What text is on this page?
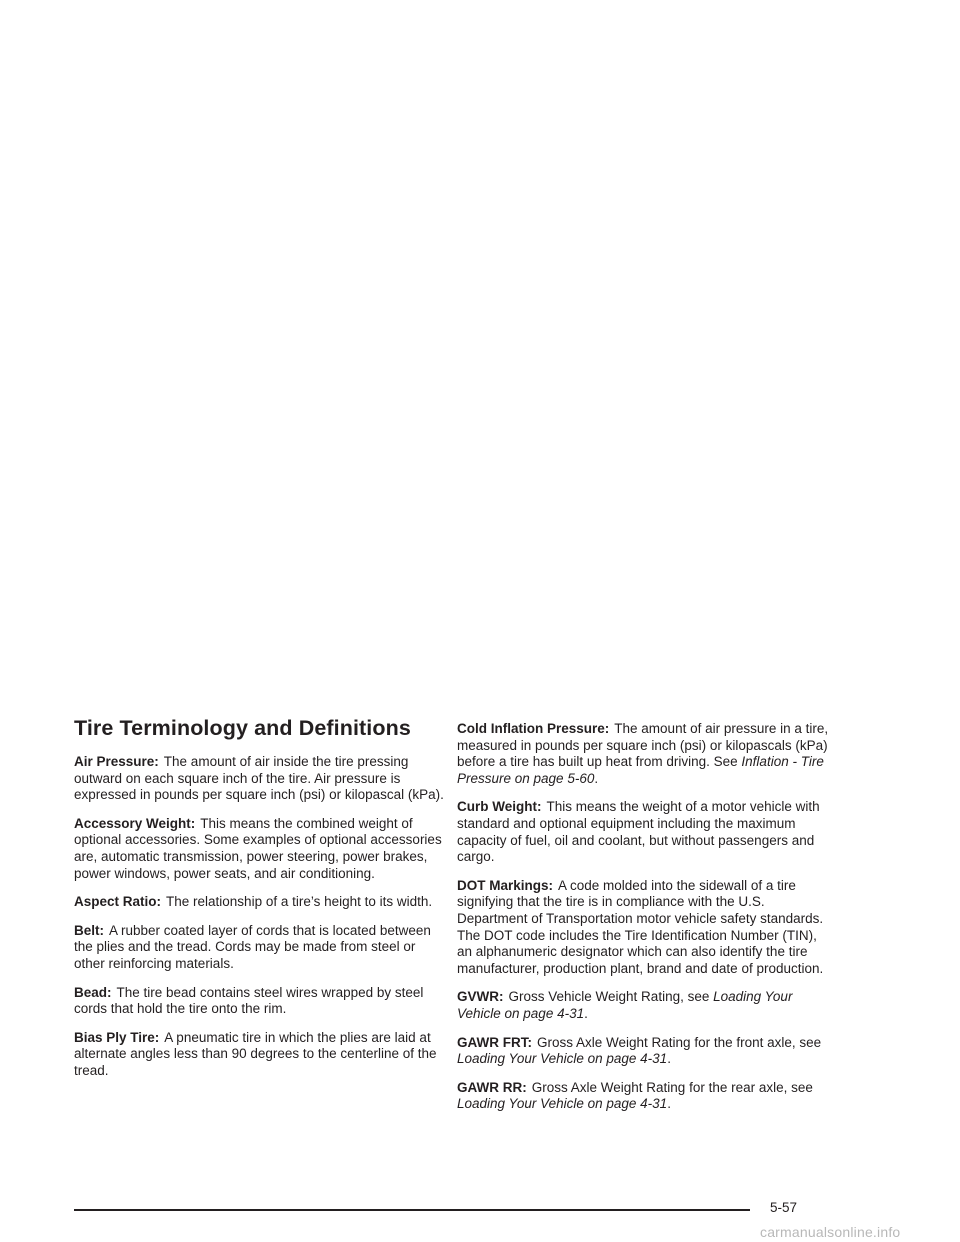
Tire Terminology and Definitions

Air Pressure: The amount of air inside the tire pressing outward on each square inch of the tire. Air pressure is expressed in pounds per square inch (psi) or kilopascal (kPa).

Accessory Weight: This means the combined weight of optional accessories. Some examples of optional accessories are, automatic transmission, power steering, power brakes, power windows, power seats, and air conditioning.

Aspect Ratio: The relationship of a tire’s height to its width.

Belt: A rubber coated layer of cords that is located between the plies and the tread. Cords may be made from steel or other reinforcing materials.

Bead: The tire bead contains steel wires wrapped by steel cords that hold the tire onto the rim.

Bias Ply Tire: A pneumatic tire in which the plies are laid at alternate angles less than 90 degrees to the centerline of the tread.

Cold Inflation Pressure: The amount of air pressure in a tire, measured in pounds per square inch (psi) or kilopascals (kPa) before a tire has built up heat from driving. See Inflation - Tire Pressure on page 5-60.

Curb Weight: This means the weight of a motor vehicle with standard and optional equipment including the maximum capacity of fuel, oil and coolant, but without passengers and cargo.

DOT Markings: A code molded into the sidewall of a tire signifying that the tire is in compliance with the U.S. Department of Transportation motor vehicle safety standards. The DOT code includes the Tire Identification Number (TIN), an alphanumeric designator which can also identify the tire manufacturer, production plant, brand and date of production.

GVWR: Gross Vehicle Weight Rating, see Loading Your Vehicle on page 4-31.

GAWR FRT: Gross Axle Weight Rating for the front axle, see Loading Your Vehicle on page 4-31.

GAWR RR: Gross Axle Weight Rating for the rear axle, see Loading Your Vehicle on page 4-31.

5-57
carmanualsonline.info
